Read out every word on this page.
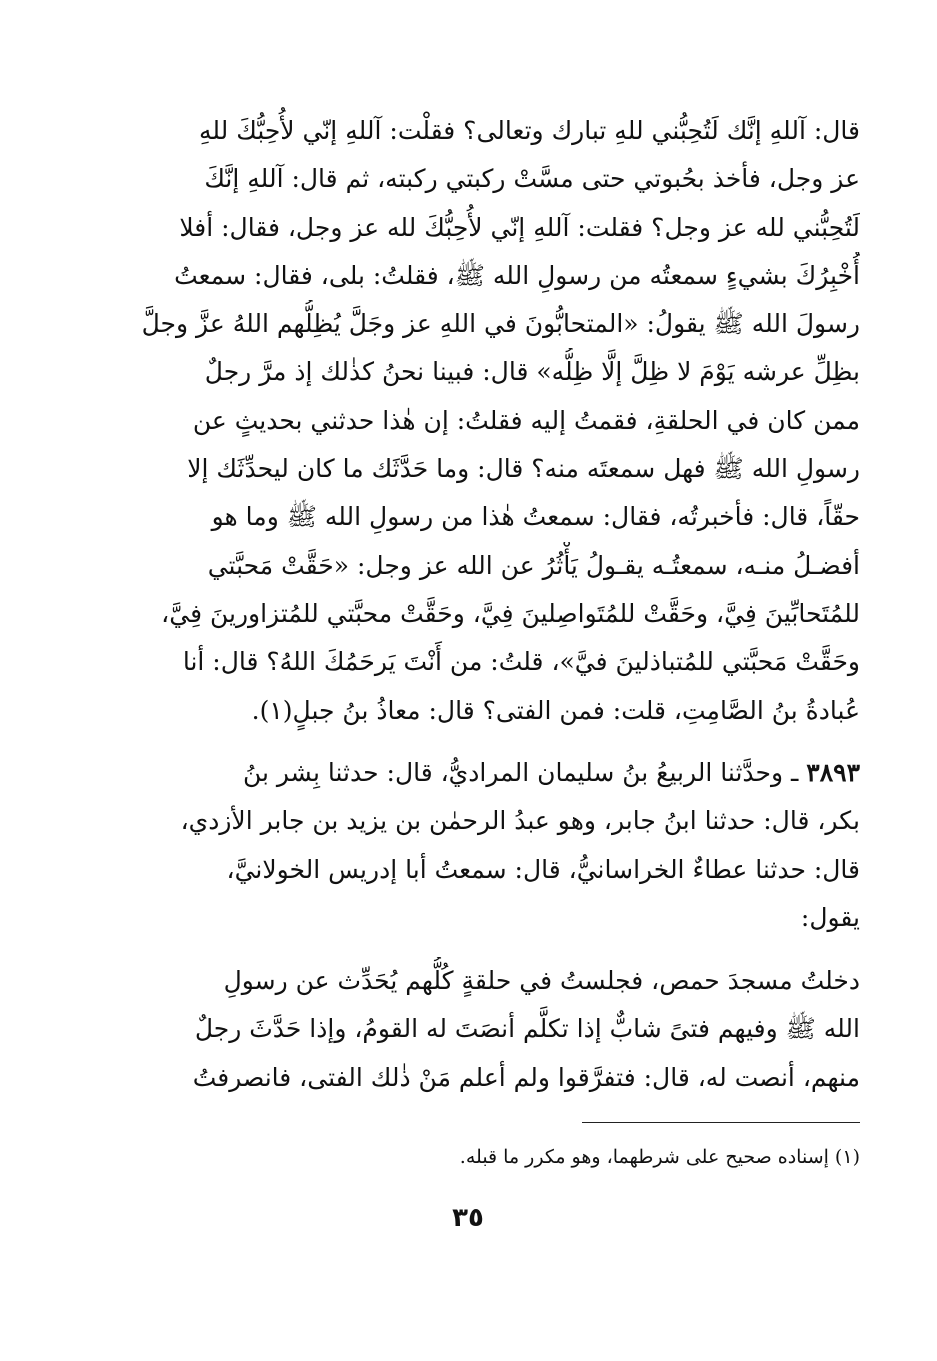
قال: آللهِ إنَّك لَتُحِبُّني للهِ تبارك وتعالى؟ فقلْت: آللهِ إنّي لأُحِبُّكَ للهِ
عز وجل، فأخذ بحُبوتي حتى مسَّتْ ركبتي ركبته، ثم قال: آللهِ إنَّكَ
لَتُحِبُّني لله عز وجل؟ فقلت: آللهِ إنّي لأُحِبُّكَ لله عز وجل، فقال: أفلا
أُخْبِرُكَ بشيءٍ سمعتُه من رسولِ الله ﷺ، فقلتُ: بلى، فقال: سمعتُ
رسولَ الله ﷺ يقولُ: «المتحابُّونَ في اللهِ عز وجَلَّ يُظِلُّهم اللهُ عزَّ وجلَّ
بظِلِّ عرشه يَوْمَ لا ظِلَّ إلَّا ظِلُّه» قال: فبينا نحنُ كذٰلك إذ مرَّ رجلٌ
ممن كان في الحلقةِ، فقمتُ إليه فقلتُ: إن هٰذا حدثني بحديثٍ عن
رسولِ الله ﷺ فهل سمعتَه منه؟ قال: وما حَدَّثَك ما كان ليحدِّثَك إلا
حقّاً، قال: فأخبرتُه، فقال: سمعتُ هٰذا من رسولِ الله ﷺ وما هو
أفضـلُ منـه، سمعتُـه يقـولُ يَأْثُرُ عن الله عز وجل: «حَقَّتْ مَحبَّتي
للمُتَحابِّينَ فِيَّ، وحَقَّتْ للمُتَواصِلينَ فِيَّ، وحَقَّتْ محبَّتي للمُتزاورينَ فِيَّ،
وحَقَّتْ مَحبَّتي للمُتباذلينَ فيَّ»، قلتُ: من أَنْتَ يَرحَمُكَ اللهُ؟ قال: أنا
عُبادةُ بنُ الصَّامِتِ، قلت: فمن الفتى؟ قال: معاذُ بنُ جبلٍ(١).
٣٨٩٣ ـ وحدَّثنا الربيعُ بنُ سليمان المراديُّ، قال: حدثنا بِشر بنُ
بكر، قال: حدثنا ابنُ جابر، وهو عبدُ الرحمٰن بن يزيد بن جابر الأزدي،
قال: حدثنا عطاءٌ الخراسانيُّ، قال: سمعتُ أبا إدريس الخولانيَّ،
يقول:
دخلتُ مسجدَ حمص، فجلستُ في حلقةٍ كُلُّهم يُحَدِّث عن رسولِ
الله ﷺ وفيهم فتىً شابٌّ إذا تكلَّم أنصَتَ له القومُ، وإذا حَدَّثَ رجلٌ
منهم، أنصت له، قال: فتفرَّقوا ولم أعلم مَنْ ذٰلك الفتى، فانصرفتُ
(١) إسناده صحيح على شرطهما، وهو مكرر ما قبله.
٣٥
